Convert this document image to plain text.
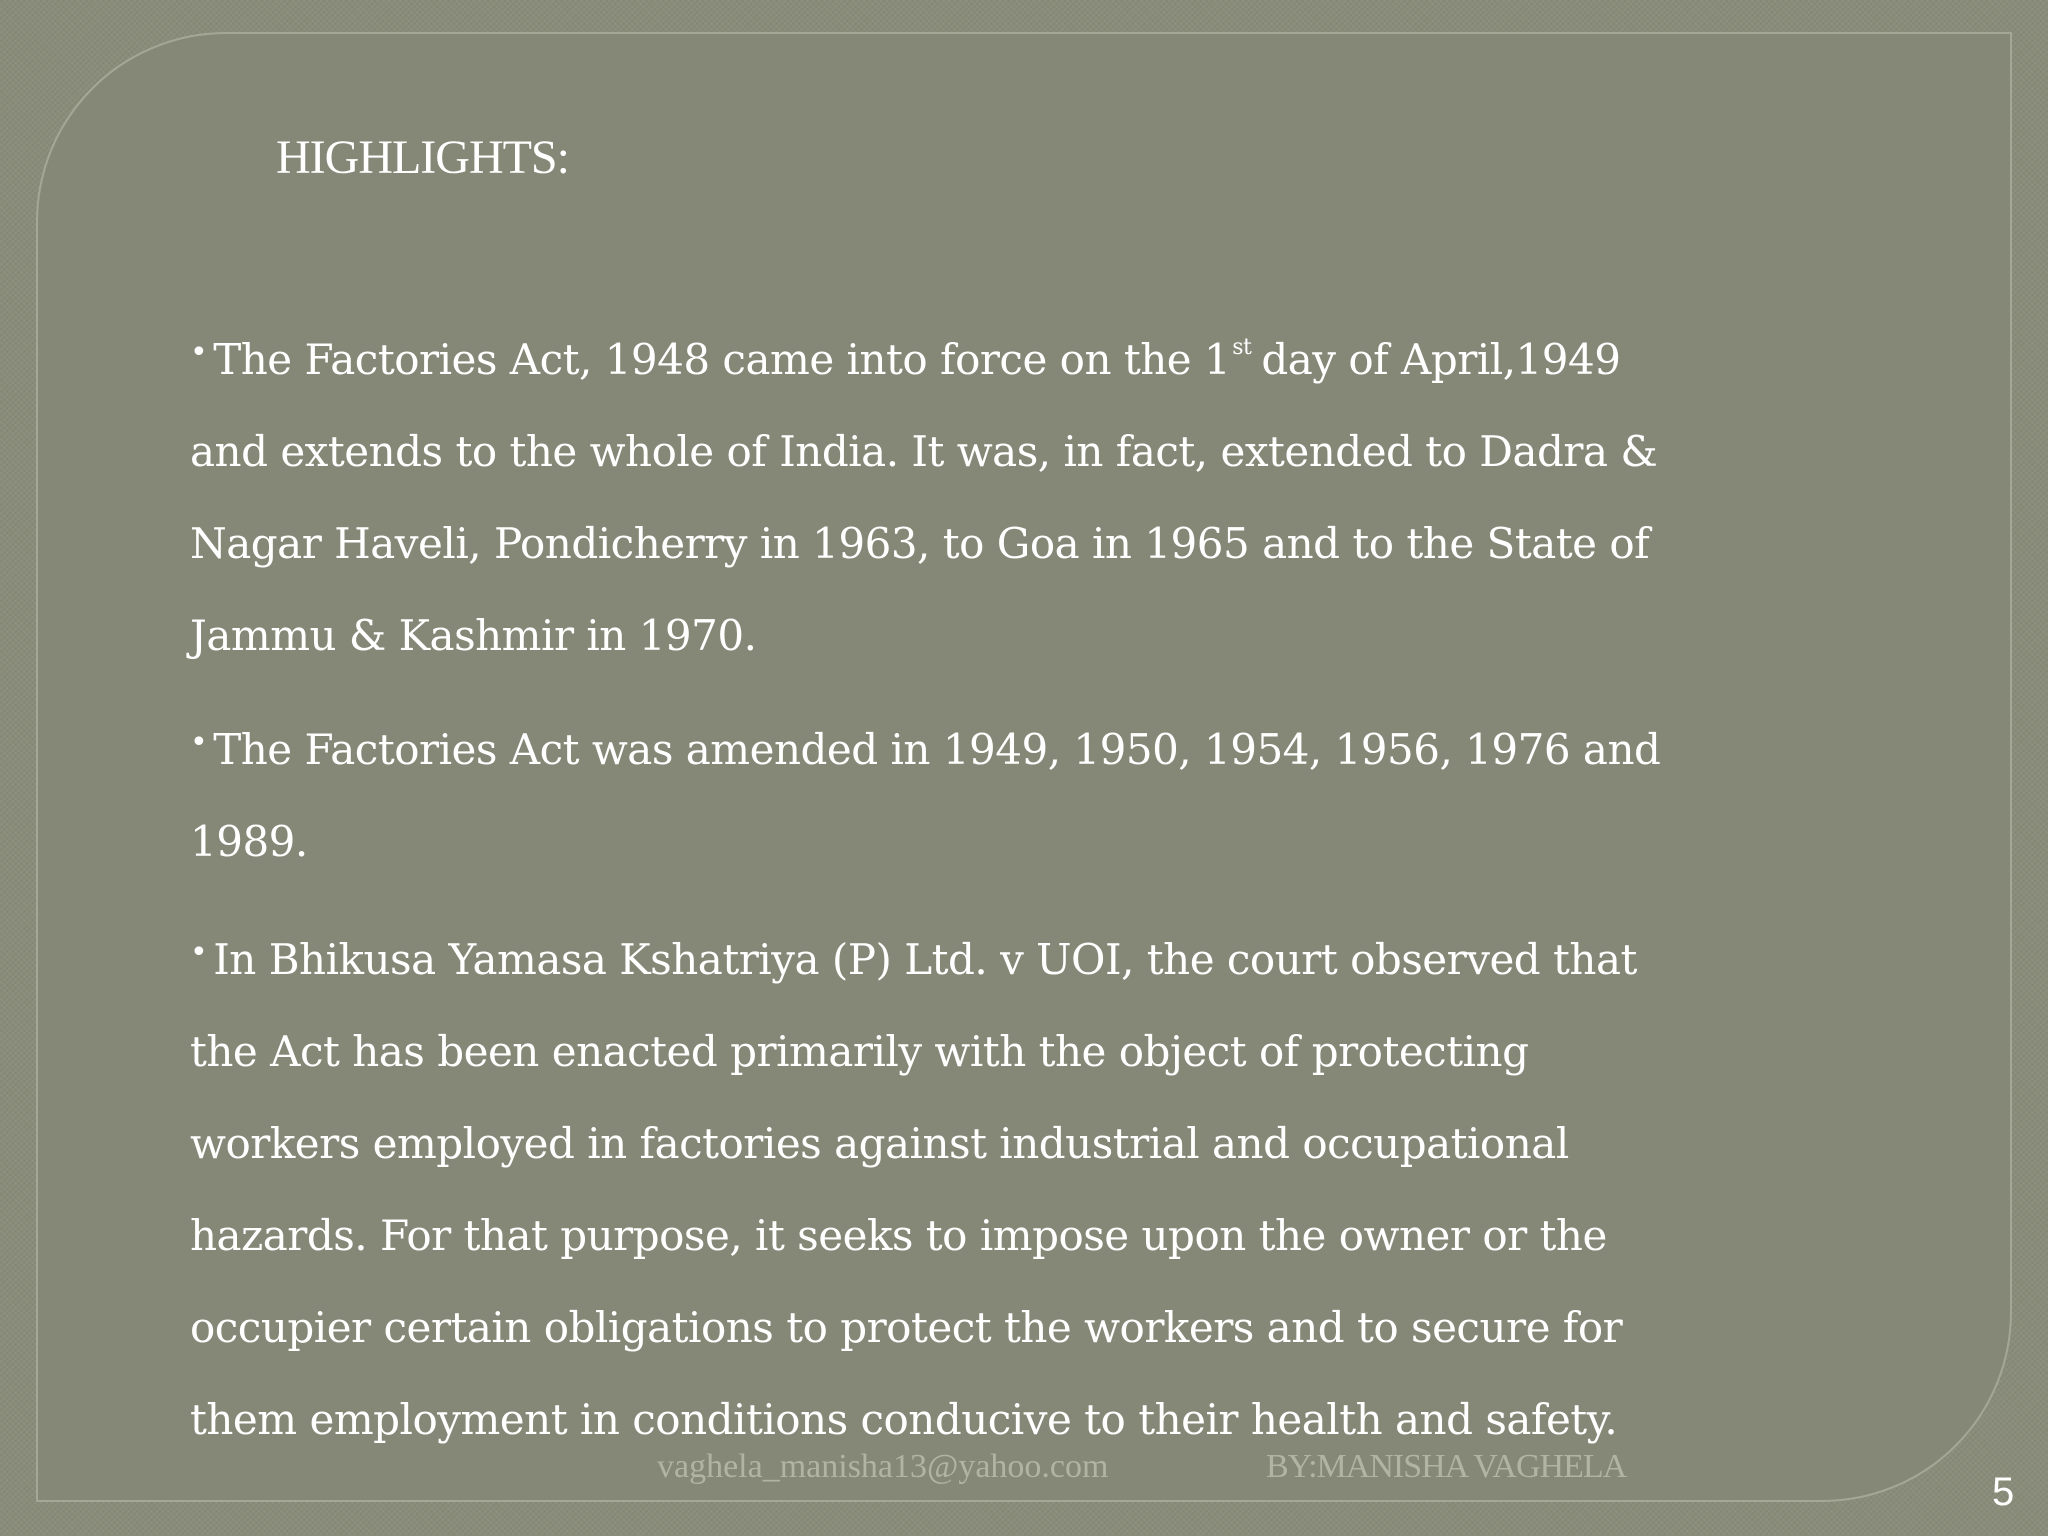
HIGHLIGHTS:
• The Factories Act, 1948 came into force on the 1st day of April,1949
and extends to the whole of India. It was, in fact, extended to Dadra &
Nagar Haveli, Pondicherry in 1963, to Goa in 1965 and to the State of
Jammu & Kashmir in 1970.
• The Factories Act was amended in 1949, 1950, 1954, 1956, 1976 and
1989.
• In Bhikusa Yamasa Kshatriya (P) Ltd. v UOI, the court observed that
the Act has been enacted primarily with the object of protecting
workers employed in factories against industrial and occupational
hazards. For that purpose, it seeks to impose upon the owner or the
occupier certain obligations to protect the workers and to secure for
them employment in conditions conducive to their health and safety.
vaghela_manisha13@yahoo.com	BY:MANISHA VAGHELA
5
